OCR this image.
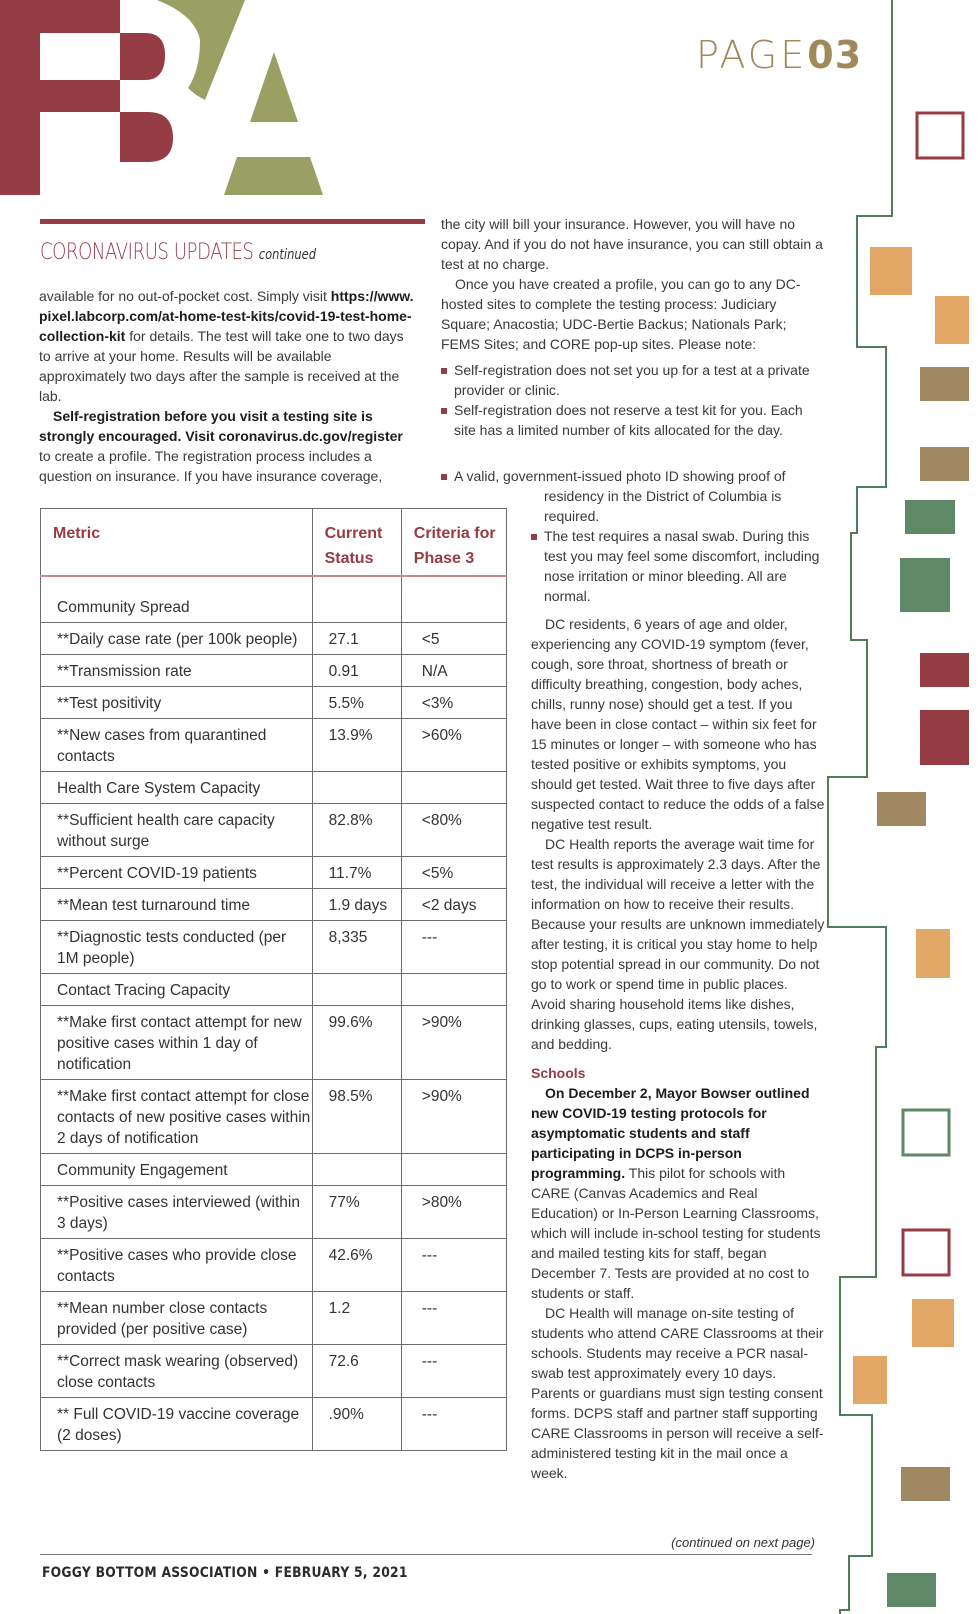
PAGE03
CORONAVIRUS UPDATES continued

available for no out-of-pocket cost. Simply visit https://www.pixel.labcorp.com/at-home-test-kits/covid-19-test-home-collection-kit for details. The test will take one to two days to arrive at your home. Results will be available approximately two days after the sample is received at the lab.

Self-registration before you visit a testing site is strongly encouraged. Visit coronavirus.dc.gov/register to create a profile. The registration process includes a question on insurance. If you have insurance coverage,

the city will bill your insurance. However, you will have no copay. And if you do not have insurance, you can still obtain a test at no charge.

Once you have created a profile, you can go to any DC-hosted sites to complete the testing process: Judiciary Square; Anacostia; UDC-Bertie Backus; Nationals Park; FEMS Sites; and CORE pop-up sites. Please note:

Self-registration does not set you up for a test at a private provider or clinic.
Self-registration does not reserve a test kit for you. Each site has a limited number of kits allocated for the day.
A valid, government-issued photo ID showing proof of
residency in the District of Columbia is required.
The test requires a nasal swab. During this test you may feel some discomfort, including nose irritation or minor bleeding. All are normal.

DC residents, 6 years of age and older, experiencing any COVID-19 symptom (fever, cough, sore throat, shortness of breath or difficulty breathing, congestion, body aches, chills, runny nose) should get a test. If you have been in close contact – within six feet for 15 minutes or longer – with someone who has tested positive or exhibits symptoms, you should get tested. Wait three to five days after suspected contact to reduce the odds of a false negative test result.

DC Health reports the average wait time for test results is approximately 2.3 days. After the test, the individual will receive a letter with the information on how to receive their results. Because your results are unknown immediately after testing, it is critical you stay home to help stop potential spread in our community. Do not go to work or spend time in public places. Avoid sharing household items like dishes, drinking glasses, cups, eating utensils, towels, and bedding.

Schools

On December 2, Mayor Bowser outlined new COVID-19 testing protocols for asymptomatic students and staff participating in DCPS in-person programming. This pilot for schools with CARE (Canvas Academics and Real Education) or In-Person Learning Classrooms, which will include in-school testing for students and mailed testing kits for staff, began December 7. Tests are provided at no cost to students or staff.

DC Health will manage on-site testing of students who attend CARE Classrooms at their schools. Students may receive a PCR nasal-swab test approximately every 10 days. Parents or guardians must sign testing consent forms. DCPS staff and partner staff supporting CARE Classrooms in person will receive a self-administered testing kit in the mail once a week.

Metric	Current Status	Criteria for Phase 3
Community Spread		
**Daily case rate (per 100k people)	27.1	<5
**Transmission rate	0.91	N/A
**Test positivity	5.5%	<3%
**New cases from quarantined contacts	13.9%	>60%
Health Care System Capacity		
**Sufficient health care capacity without surge	82.8%	<80%
**Percent COVID-19 patients	11.7%	<5%
**Mean test turnaround time	1.9 days	<2 days
**Diagnostic tests conducted (per 1M people)	8,335	---
Contact Tracing Capacity		
**Make first contact attempt for new positive cases within 1 day of notification	99.6%	>90%
**Make first contact attempt for close contacts of new positive cases within 2 days of notification	98.5%	>90%
Community Engagement		
**Positive cases interviewed (within 3 days)	77%	>80%
**Positive cases who provide close contacts	42.6%	---
**Mean number close contacts provided (per positive case)	1.2	---
**Correct mask wearing (observed) close contacts	72.6	---
** Full COVID-19 vaccine coverage (2 doses)	.90%	---
(continued on next page)
FOGGY BOTTOM ASSOCIATION • FEBRUARY 5, 2021
